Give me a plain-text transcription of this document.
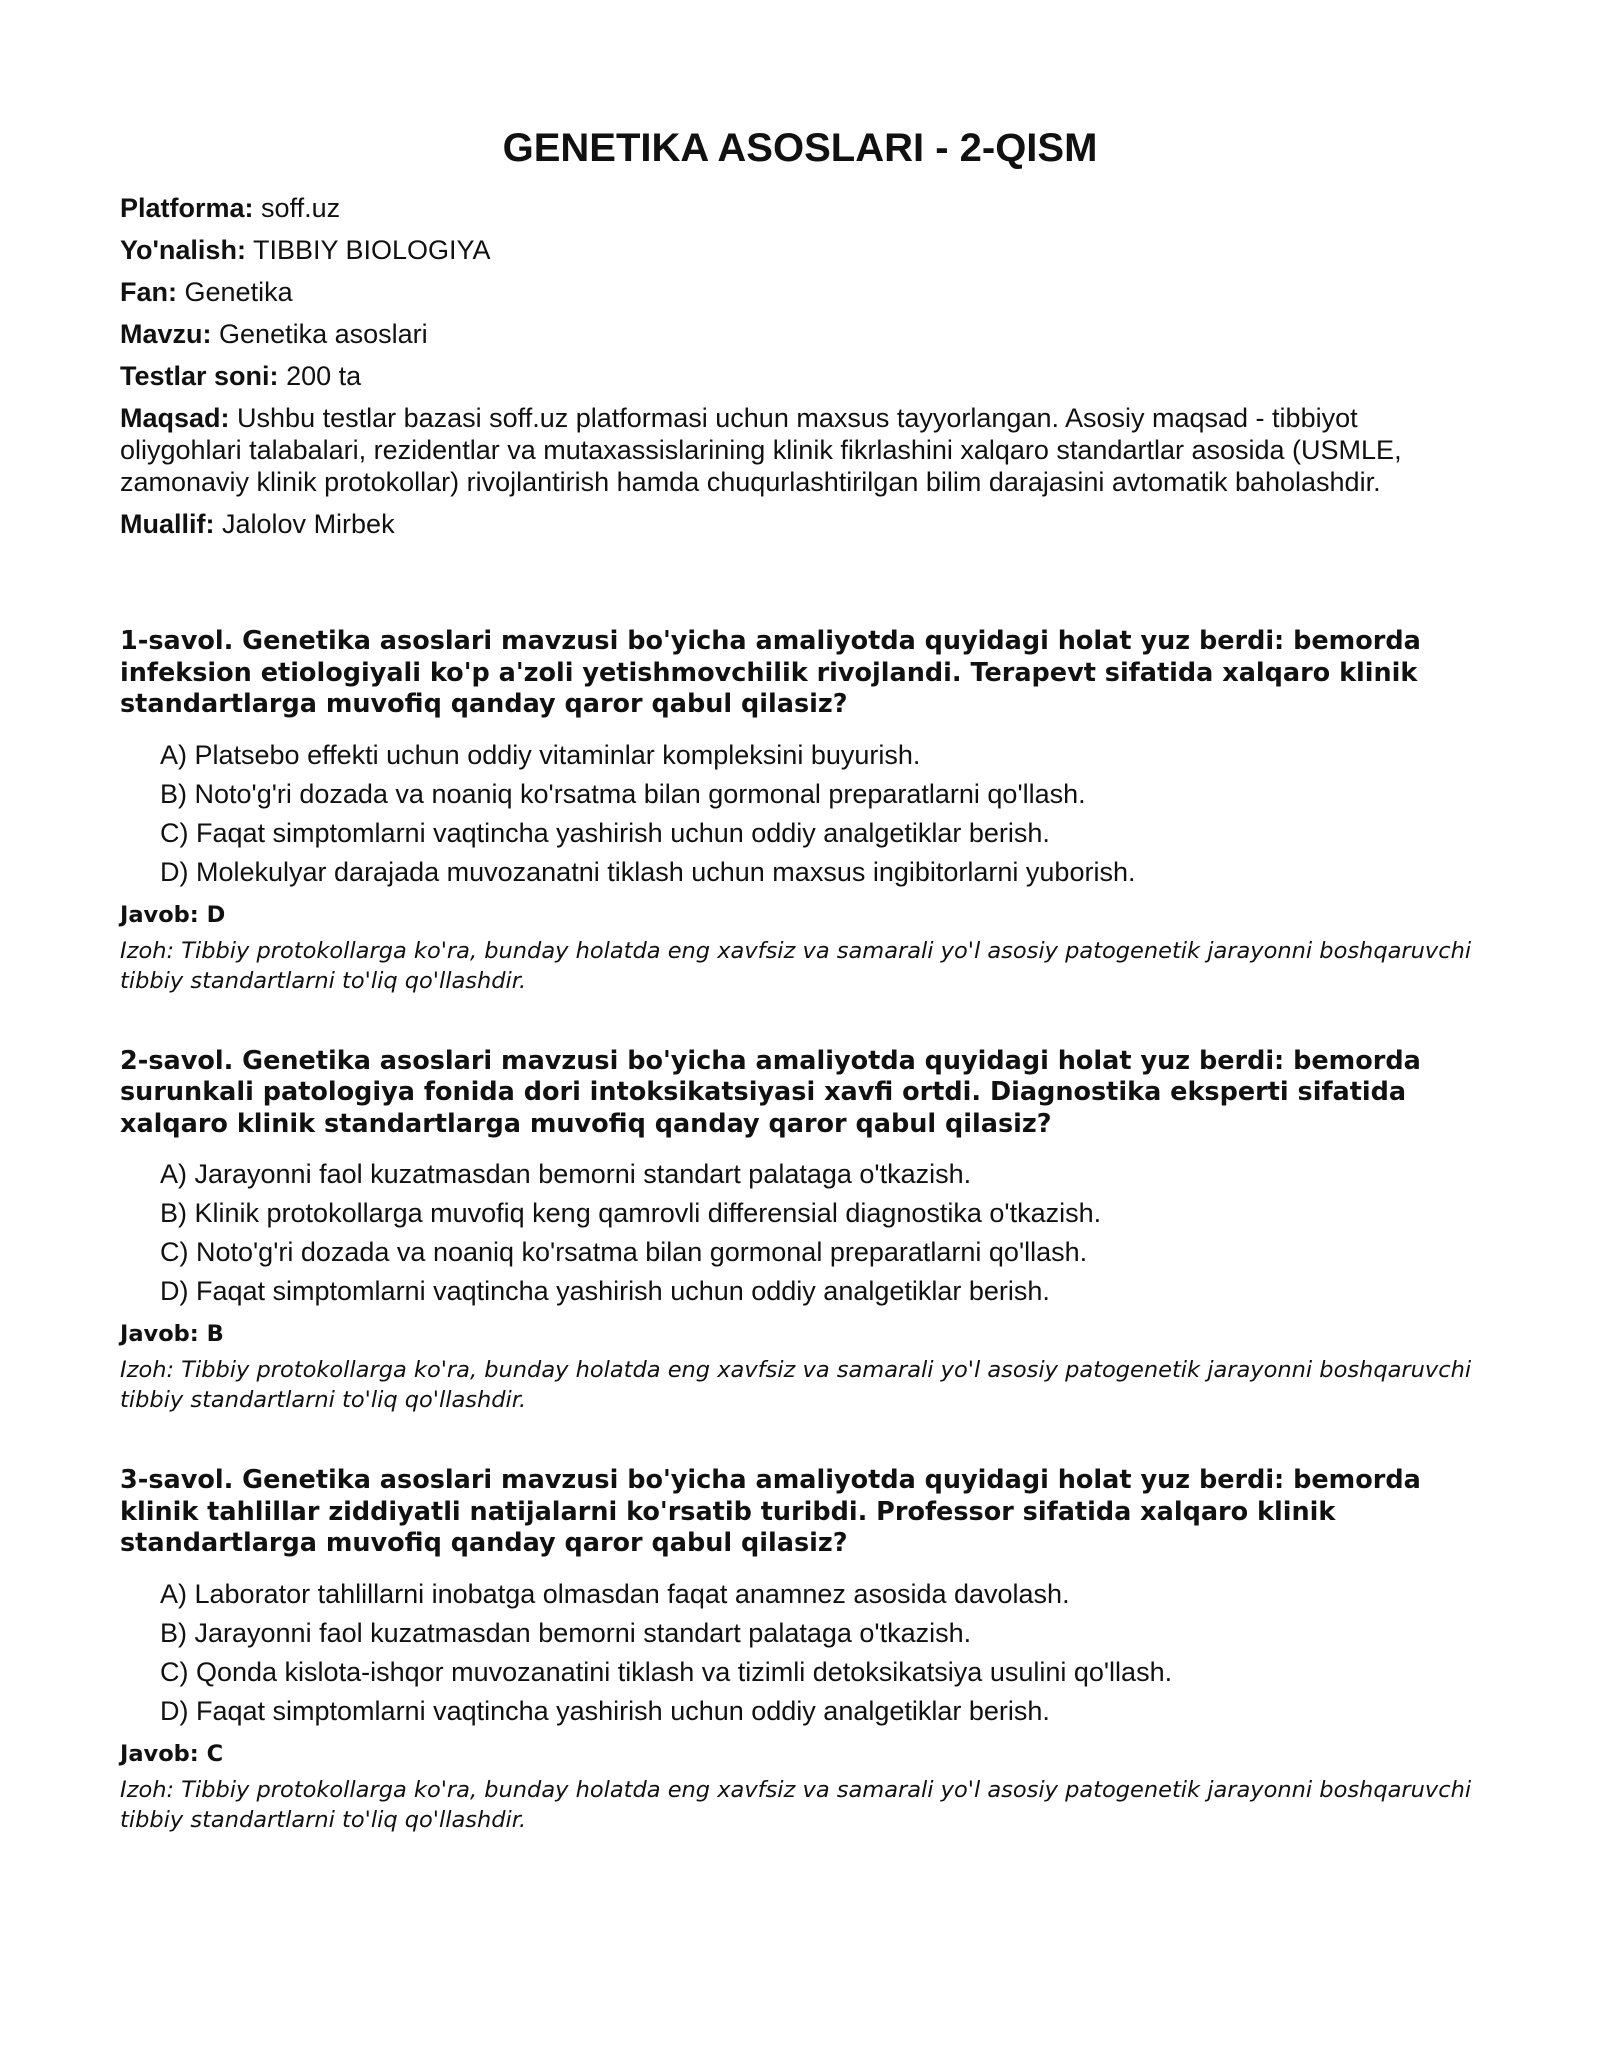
GENETIKA ASOSLARI - 2-QISM
Platforma: soff.uz
Yo'nalish: TIBBIY BIOLOGIYA
Fan: Genetika
Mavzu: Genetika asoslari
Testlar soni: 200 ta
Maqsad: Ushbu testlar bazasi soff.uz platformasi uchun maxsus tayyorlangan. Asosiy maqsad - tibbiyot oliygohlari talabalari, rezidentlar va mutaxassislarining klinik fikrlashini xalqaro standartlar asosida (USMLE, zamonaviy klinik protokollar) rivojlantirish hamda chuqurlashtirilgan bilim darajasini avtomatik baholashdir.
Muallif: Jalolov Mirbek

1-savol. Genetika asoslari mavzusi bo'yicha amaliyotda quyidagi holat yuz berdi: bemorda infeksion etiologiyali ko'p a'zoli yetishmovchilik rivojlandi. Terapevt sifatida xalqaro klinik standartlarga muvofiq qanday qaror qabul qilasiz?

A) Platsebo effekti uchun oddiy vitaminlar kompleksini buyurish.
B) Noto'g'ri dozada va noaniq ko'rsatma bilan gormonal preparatlarni qo'llash.
C) Faqat simptomlarni vaqtincha yashirish uchun oddiy analgetiklar berish.
D) Molekulyar darajada muvozanatni tiklash uchun maxsus ingibitorlarni yuborish.
Javob: D
Izoh: Tibbiy protokollarga ko'ra, bunday holatda eng xavfsiz va samarali yo'l asosiy patogenetik jarayonni boshqaruvchi tibbiy standartlarni to'liq qo'llashdir.

2-savol. Genetika asoslari mavzusi bo'yicha amaliyotda quyidagi holat yuz berdi: bemorda surunkali patologiya fonida dori intoksikatsiyasi xavfi ortdi. Diagnostika eksperti sifatida xalqaro klinik standartlarga muvofiq qanday qaror qabul qilasiz?

A) Jarayonni faol kuzatmasdan bemorni standart palataga o'tkazish.
B) Klinik protokollarga muvofiq keng qamrovli differensial diagnostika o'tkazish.
C) Noto'g'ri dozada va noaniq ko'rsatma bilan gormonal preparatlarni qo'llash.
D) Faqat simptomlarni vaqtincha yashirish uchun oddiy analgetiklar berish.
Javob: B
Izoh: Tibbiy protokollarga ko'ra, bunday holatda eng xavfsiz va samarali yo'l asosiy patogenetik jarayonni boshqaruvchi tibbiy standartlarni to'liq qo'llashdir.

3-savol. Genetika asoslari mavzusi bo'yicha amaliyotda quyidagi holat yuz berdi: bemorda klinik tahlillar ziddiyatli natijalarni ko'rsatib turibdi. Professor sifatida xalqaro klinik standartlarga muvofiq qanday qaror qabul qilasiz?

A) Laborator tahlillarni inobatga olmasdan faqat anamnez asosida davolash.
B) Jarayonni faol kuzatmasdan bemorni standart palataga o'tkazish.
C) Qonda kislota-ishqor muvozanatini tiklash va tizimli detoksikatsiya usulini qo'llash.
D) Faqat simptomlarni vaqtincha yashirish uchun oddiy analgetiklar berish.
Javob: C
Izoh: Tibbiy protokollarga ko'ra, bunday holatda eng xavfsiz va samarali yo'l asosiy patogenetik jarayonni boshqaruvchi tibbiy standartlarni to'liq qo'llashdir.
